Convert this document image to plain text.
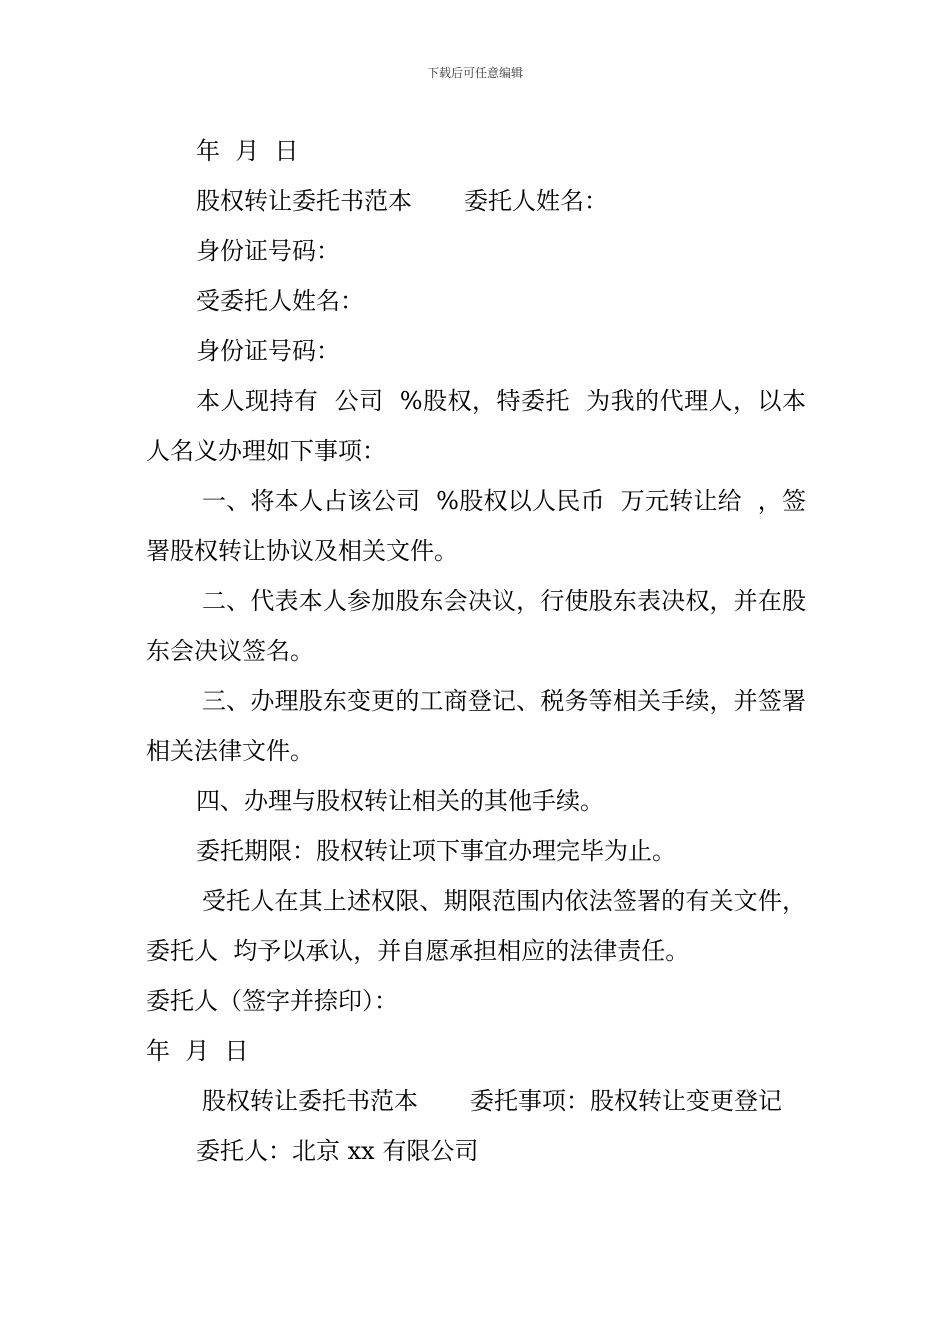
下载后可任意编辑
年  月  日
股权转让委托书范本 委托人姓名：
身份证号码：
受委托人姓名：
身份证号码：
本人现持有  公司  %股权，特委托  为我的代理人，以本人名义办理如下事项：
一、将本人占该公司  %股权以人民币  万元转让给  ，签署股权转让协议及相关文件。
二、代表本人参加股东会决议，行使股东表决权，并在股东会决议签名。
三、办理股东变更的工商登记、税务等相关手续，并签署相关法律文件。
四、办理与股权转让相关的其他手续。
委托期限：股权转让项下事宜办理完毕为止。
受托人在其上述权限、期限范围内依法签署的有关文件，委托人  均予以承认，并自愿承担相应的法律责任。
委托人（签字并捺印）：
年  月  日
股权转让委托书范本 委托事项：股权转让变更登记
委托人：北京 xx 有限公司
